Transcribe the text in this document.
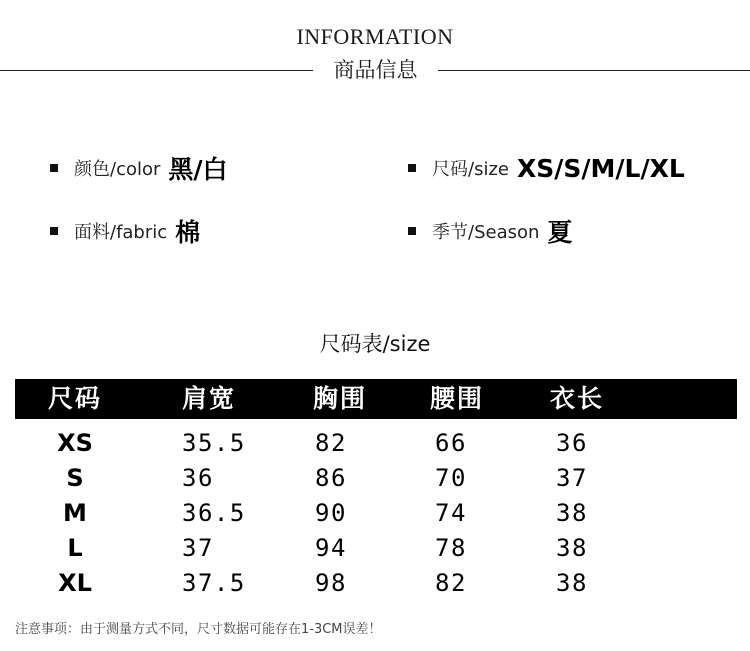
INFORMATION
商品信息
颜色/color 黑/白	尺码/size XS/S/M/L/XL
面料/fabric 棉	季节/Season 夏
尺码表/size
尺码	肩宽	胸围	腰围	衣长
XS	35.5	82	66	36
S	36	86	70	37
M	36.5	90	74	38
L	37	94	78	38
XL	37.5	98	82	38
注意事项：由于测量方式不同，尺寸数据可能存在1-3CM误差！
